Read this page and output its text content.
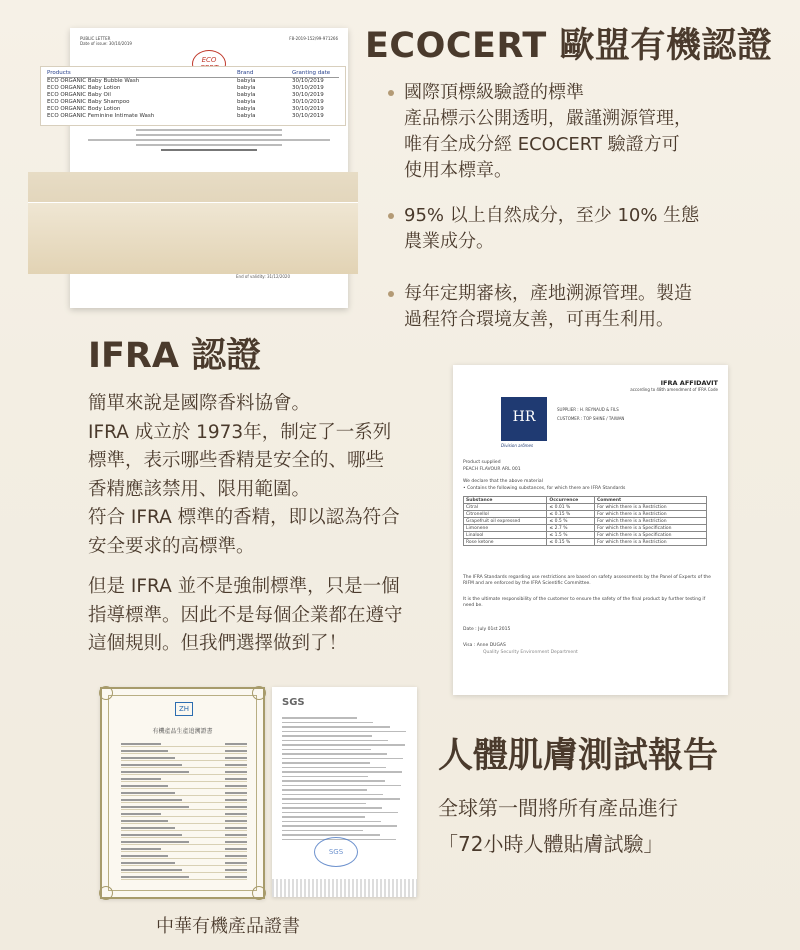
PUBLIC LETTER
Date of issue: 30/10/2019
F8-2019-152/99-971266
ECO
Products	Brand	Granting date
ECO ORGANIC Baby Bubble Wash	babyla	30/10/2019
ECO ORGANIC Baby Lotion	babyla	30/10/2019
ECO ORGANIC Baby Oil	babyla	30/10/2019
ECO ORGANIC Baby Shampoo	babyla	30/10/2019
ECO ORGANIC Body Lotion	babyla	30/10/2019
ECO ORGANIC Feminine Intimate Wash	babyla	30/10/2019
End of validity: 31/12/2020
ECOCERT 歐盟有機認證
國際頂標級驗證的標準
產品標示公開透明，嚴謹溯源管理，
唯有全成分經 ECOCERT 驗證方可
使用本標章。
95% 以上自然成分，至少 10% 生態
農業成分。
每年定期審核，產地溯源管理。製造
過程符合環境友善，可再生利用。
IFRA 認證
簡單來說是國際香料協會。
IFRA 成立於 1973年，制定了一系列
標準，表示哪些香精是安全的、哪些
香精應該禁用、限用範圍。
符合 IFRA 標準的香精，即以認為符合
安全要求的高標準。
但是 IFRA 並不是強制標準，只是一個
指導標準。因此不是每個企業都在遵守
這個規則。但我們選擇做到了！
IFRA AFFIDAVIT
according to 48th amendment of IFRA Code
HR
Division arômes
SUPPLIER : H. REYNAUD & FILS
CUSTOMER : TOP SHINE / TAIWAN
Product supplied
PEACH FLAVOUR ARL 001
We declare that the above material
• Contains the following substances, for which there are IFRA Standards
Substance	Occurrence	Comment
Citral	≤ 0.01 %	For which there is a Restriction
Citronellol	≤ 0.15 %	For which there is a Restriction
Grapefruit oil expressed	≤ 0.5 %	For which there is a Restriction
Limonene	≤ 2.7 %	For which there is a Specification
Linalool	≤ 1.5 %	For which there is a Specification
Rose ketone	≤ 0.15 %	For which there is a Restriction
The IFRA Standards regarding use restrictions are based on safety assessments by the Panel of Experts of the RIFM and are enforced by the IFRA Scientific Committee.
It is the ultimate responsibility of the customer to ensure the safety of the final product by further testing if need be.
Date : July 01st 2015
Visa : Anne DUGAS
Quality Security Environment Department
ZH
有機產品生產追溯證書
SGS
SGS
中華有機產品證書
人體肌膚測試報告
全球第一間將所有產品進行
「72小時人體貼膚試驗」
